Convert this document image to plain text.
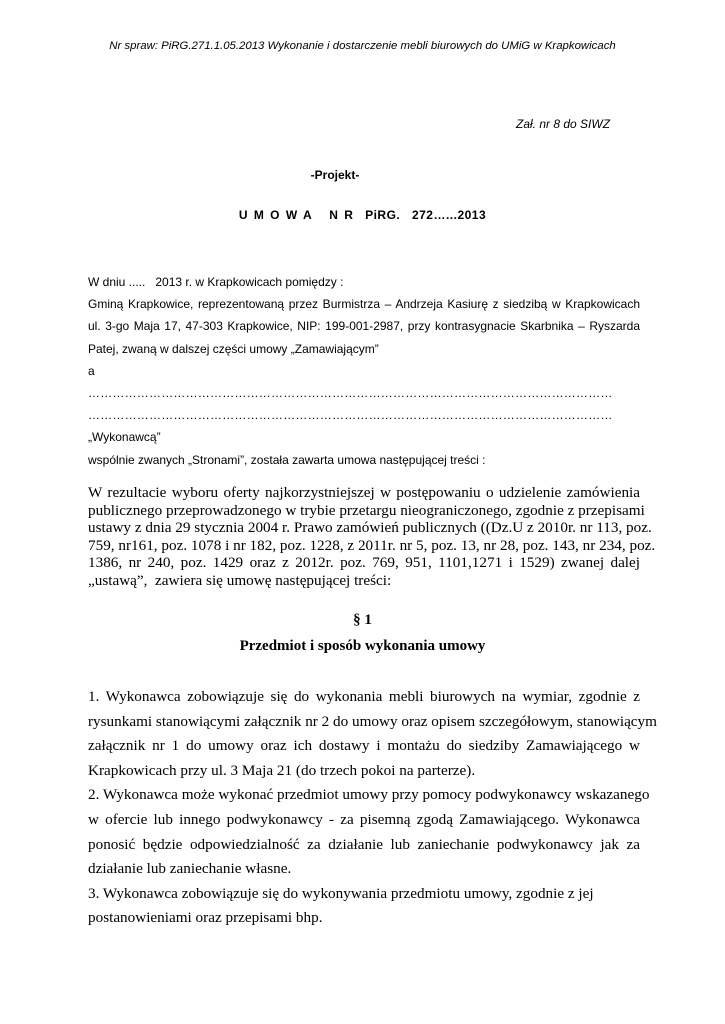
Nr spraw: PiRG.271.1.05.2013 Wykonanie i dostarczenie mebli biurowych do UMiG w Krapkowicach

Zał. nr 8 do SIWZ

-Projekt-

U M O W A   N R  PiRG.  272…...2013

W dniu .....   2013 r. w Krapkowicach pomiędzy :
Gminą Krapkowice, reprezentowaną przez Burmistrza – Andrzeja Kasiurę z siedzibą w Krapkowicach
ul. 3-go Maja 17, 47-303 Krapkowice, NIP: 199-001-2987, przy kontrasygnacie Skarbnika – Ryszarda
Patej, zwaną w dalszej części umowy „Zamawiającym”
a
…………………………………………………………………………………………………………………
…………………………………………………………………………………………………………………
„Wykonawcą”
wspólnie zwanych „Stronami”, została zawarta umowa następującej treści :
W rezultacie wyboru oferty najkorzystniejszej w postępowaniu o udzielenie zamówienia
publicznego przeprowadzonego w trybie przetargu nieograniczonego, zgodnie z przepisami
ustawy z dnia 29 stycznia 2004 r. Prawo zamówień publicznych ((Dz.U z 2010r. nr 113, poz.
759, nr161, poz. 1078 i nr 182, poz. 1228, z 2011r. nr 5, poz. 13, nr 28, poz. 143, nr 234, poz.
1386, nr 240, poz. 1429 oraz z 2012r. poz. 769, 951, 1101,1271 i 1529) zwanej dalej
„ustawą”,  zawiera się umowę następującej treści:

§ 1

Przedmiot i sposób wykonania umowy

1. Wykonawca zobowiązuje się do wykonania mebli biurowych na wymiar, zgodnie z
rysunkami stanowiącymi załącznik nr 2 do umowy oraz opisem szczegółowym, stanowiącym
załącznik nr 1 do umowy oraz ich dostawy i montażu do siedziby Zamawiającego w
Krapkowicach przy ul. 3 Maja 21 (do trzech pokoi na parterze).
2. Wykonawca może wykonać przedmiot umowy przy pomocy podwykonawcy wskazanego
w ofercie lub innego podwykonawcy - za pisemną zgodą Zamawiającego. Wykonawca
ponosić będzie odpowiedzialność za działanie lub zaniechanie podwykonawcy jak za
działanie lub zaniechanie własne.
3. Wykonawca zobowiązuje się do wykonywania przedmiotu umowy, zgodnie z jej
postanowieniami oraz przepisami bhp.
